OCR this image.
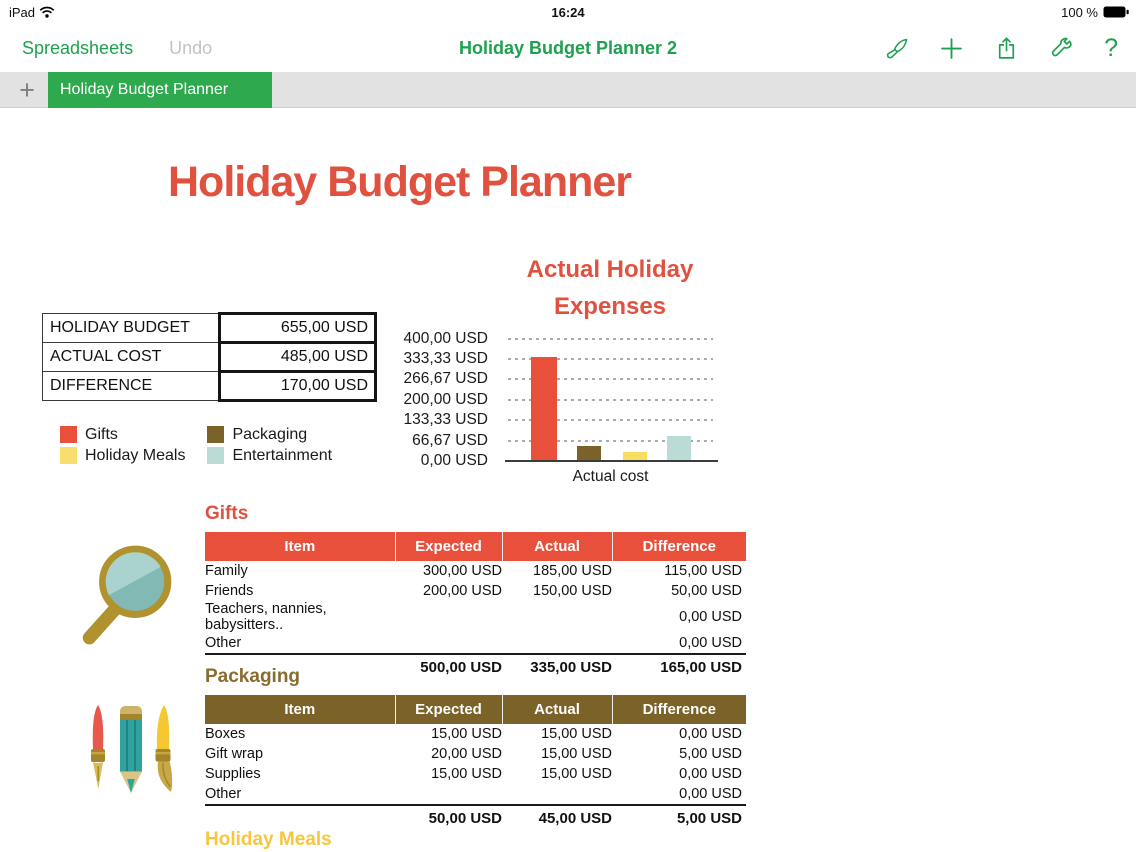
iPad	16:24	100 %
Spreadsheets Undo	Holiday Budget Planner 2	?
+	Holiday Budget Planner
Holiday Budget Planner
HOLIDAY BUDGET	655,00 USD
ACTUAL COST	485,00 USD
DIFFERENCE	170,00 USD
Gifts
Holiday Meals
Packaging
Entertainment
Actual Holiday
Expenses
400,00 USD
333,33 USD
266,67 USD
200,00 USD
133,33 USD
66,67 USD
0,00 USD
Actual cost
Gifts
Item	Expected	Actual	Difference
Family	300,00 USD	185,00 USD	115,00 USD
Friends	200,00 USD	150,00 USD	50,00 USD
Teachers, nannies, babysitters..			0,00 USD
Other			0,00 USD
	500,00 USD	335,00 USD	165,00 USD
Packaging
Item	Expected	Actual	Difference
Boxes	15,00 USD	15,00 USD	0,00 USD
Gift wrap	20,00 USD	15,00 USD	5,00 USD
Supplies	15,00 USD	15,00 USD	0,00 USD
Other			0,00 USD
	50,00 USD	45,00 USD	5,00 USD
Holiday Meals
